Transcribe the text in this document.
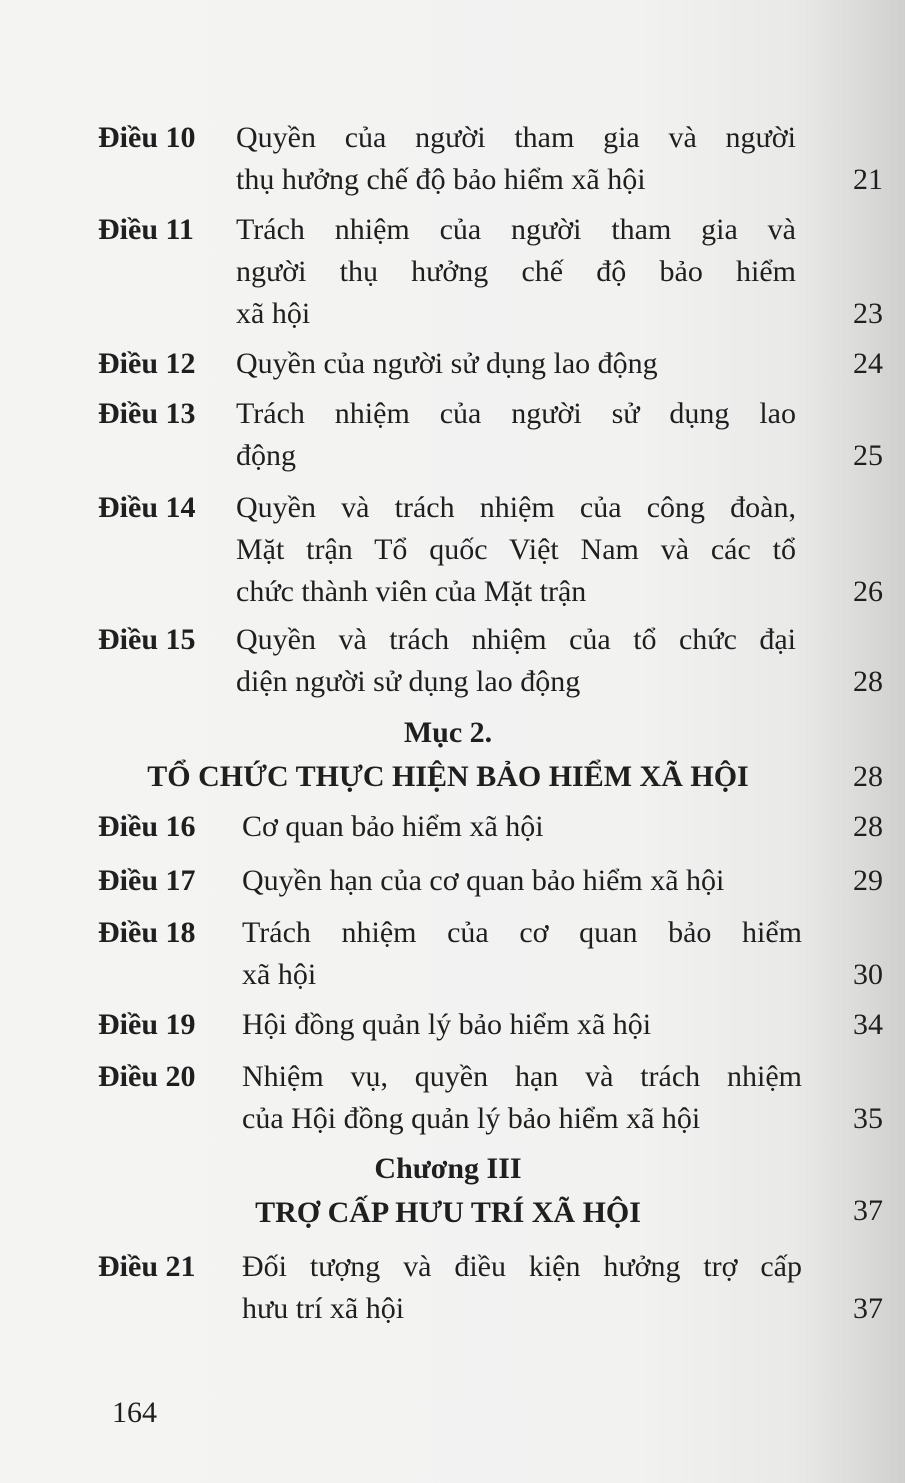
Điều 10 Quyền của người tham gia và người
thụ hưởng chế độ bảo hiểm xã hội	21
Điều 11 Trách nhiệm của người tham gia và
người thụ hưởng chế độ bảo hiểm
xã hội	23
Điều 12 Quyền của người sử dụng lao động	24
Điều 13 Trách nhiệm của người sử dụng lao
động	25
Điều 14 Quyền và trách nhiệm của công đoàn,
Mặt trận Tổ quốc Việt Nam và các tổ
chức thành viên của Mặt trận	26
Điều 15 Quyền và trách nhiệm của tổ chức đại
diện người sử dụng lao động	28
Mục 2.
TỔ CHỨC THỰC HIỆN BẢO HIỂM XÃ HỘI	28
Điều 16 Cơ quan bảo hiểm xã hội	28
Điều 17 Quyền hạn của cơ quan bảo hiểm xã hội	29
Điều 18 Trách nhiệm của cơ quan bảo hiểm
xã hội	30
Điều 19 Hội đồng quản lý bảo hiểm xã hội	34
Điều 20 Nhiệm vụ, quyền hạn và trách nhiệm
của Hội đồng quản lý bảo hiểm xã hội	35
Chương III
TRỢ CẤP HƯU TRÍ XÃ HỘI	37
Điều 21 Đối tượng và điều kiện hưởng trợ cấp
hưu trí xã hội	37
164
